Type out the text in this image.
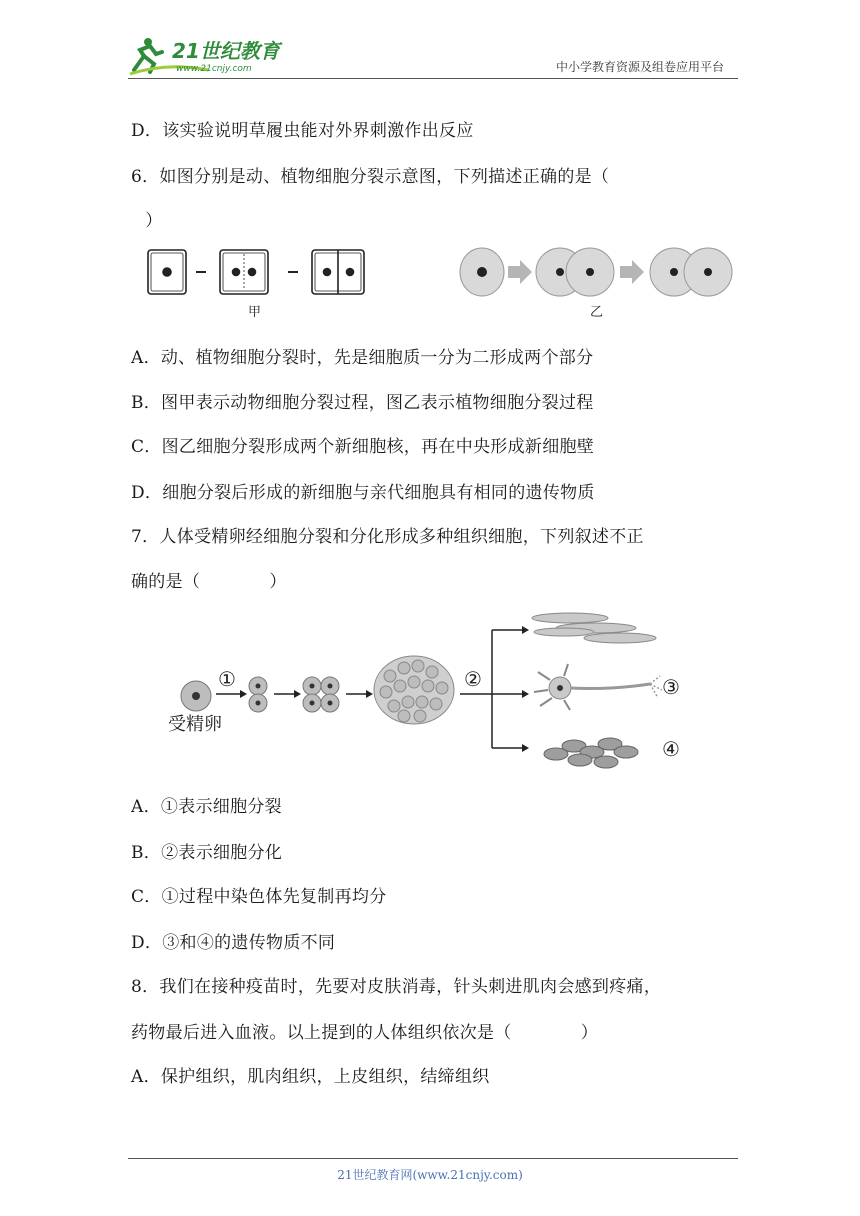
21世纪教育
www.21cnjy.com	中小学教育资源及组卷应用平台
D．该实验说明草履虫能对外界刺激作出反应
6．如图分别是动、植物细胞分裂示意图，下列描述正确的是（
　）
甲	乙
A．动、植物细胞分裂时，先是细胞质一分为二形成两个部分
B．图甲表示动物细胞分裂过程，图乙表示植物细胞分裂过程
C．图乙细胞分裂形成两个新细胞核，再在中央形成新细胞壁
D．细胞分裂后形成的新细胞与亲代细胞具有相同的遗传物质
7．人体受精卵经细胞分裂和分化形成多种组织细胞，下列叙述不正
确的是（　　　　）
受精卵
①	②	③
④
A．①表示细胞分裂
B．②表示细胞分化
C．①过程中染色体先复制再均分
D．③和④的遗传物质不同
8．我们在接种疫苗时，先要对皮肤消毒，针头刺进肌肉会感到疼痛，
药物最后进入血液。以上提到的人体组织依次是（　　　　）
A．保护组织，肌肉组织，上皮组织，结缔组织
21世纪教育网(www.21cnjy.com)
